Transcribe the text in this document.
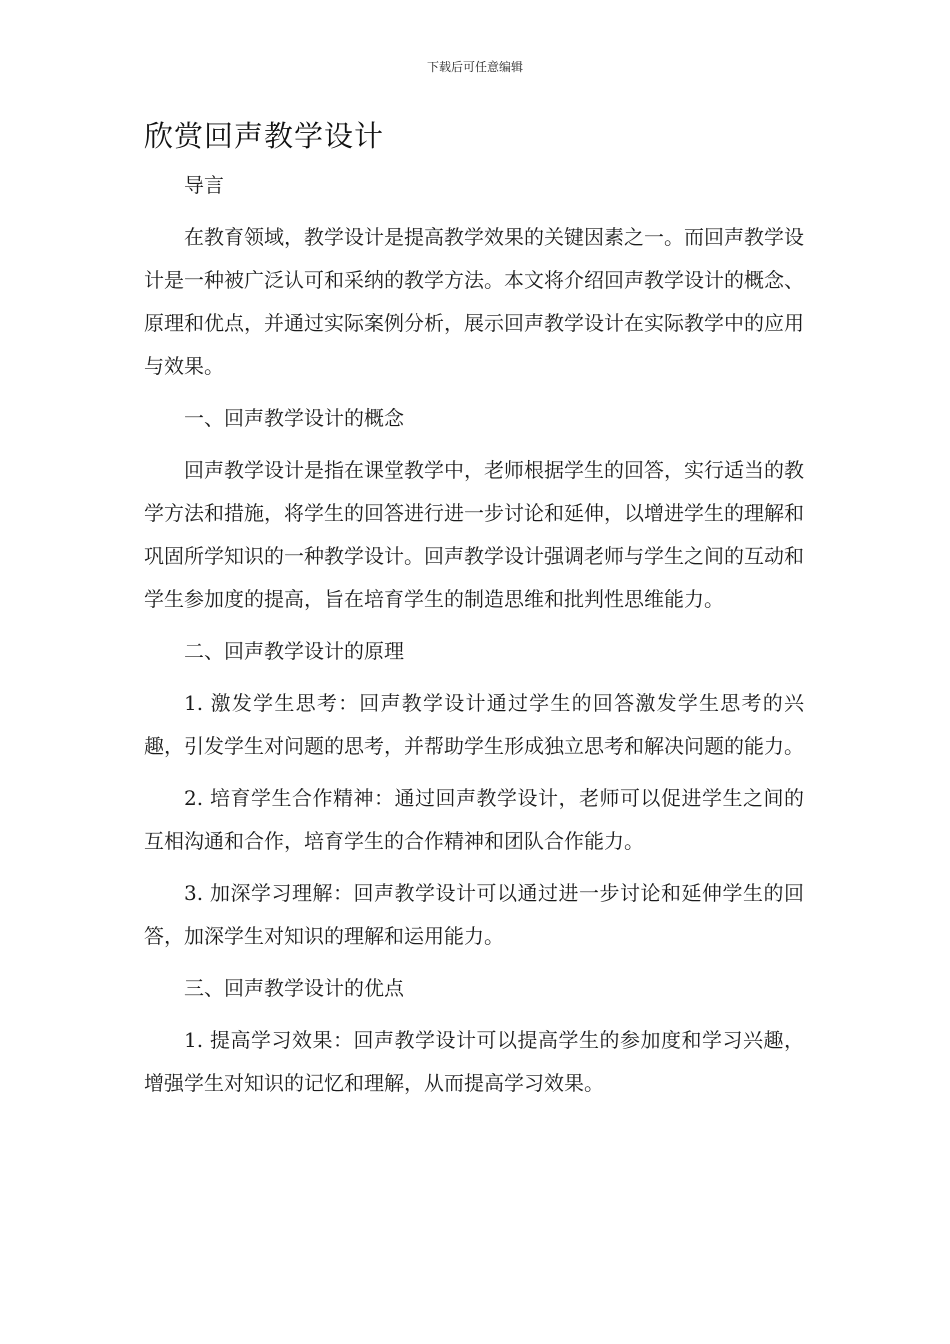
下载后可任意编辑
欣赏回声教学设计

导言

在教育领域，教学设计是提高教学效果的关键因素之一。而回声教学设计是一种被广泛认可和采纳的教学方法。本文将介绍回声教学设计的概念、原理和优点，并通过实际案例分析，展示回声教学设计在实际教学中的应用与效果。

一、回声教学设计的概念

回声教学设计是指在课堂教学中，老师根据学生的回答，实行适当的教学方法和措施，将学生的回答进行进一步讨论和延伸，以增进学生的理解和巩固所学知识的一种教学设计。回声教学设计强调老师与学生之间的互动和学生参加度的提高，旨在培育学生的制造思维和批判性思维能力。

二、回声教学设计的原理

1. 激发学生思考：回声教学设计通过学生的回答激发学生思考的兴趣，引发学生对问题的思考，并帮助学生形成独立思考和解决问题的能力。

2. 培育学生合作精神：通过回声教学设计，老师可以促进学生之间的互相沟通和合作，培育学生的合作精神和团队合作能力。

3. 加深学习理解：回声教学设计可以通过进一步讨论和延伸学生的回答，加深学生对知识的理解和运用能力。

三、回声教学设计的优点

1. 提高学习效果：回声教学设计可以提高学生的参加度和学习兴趣，增强学生对知识的记忆和理解，从而提高学习效果。
